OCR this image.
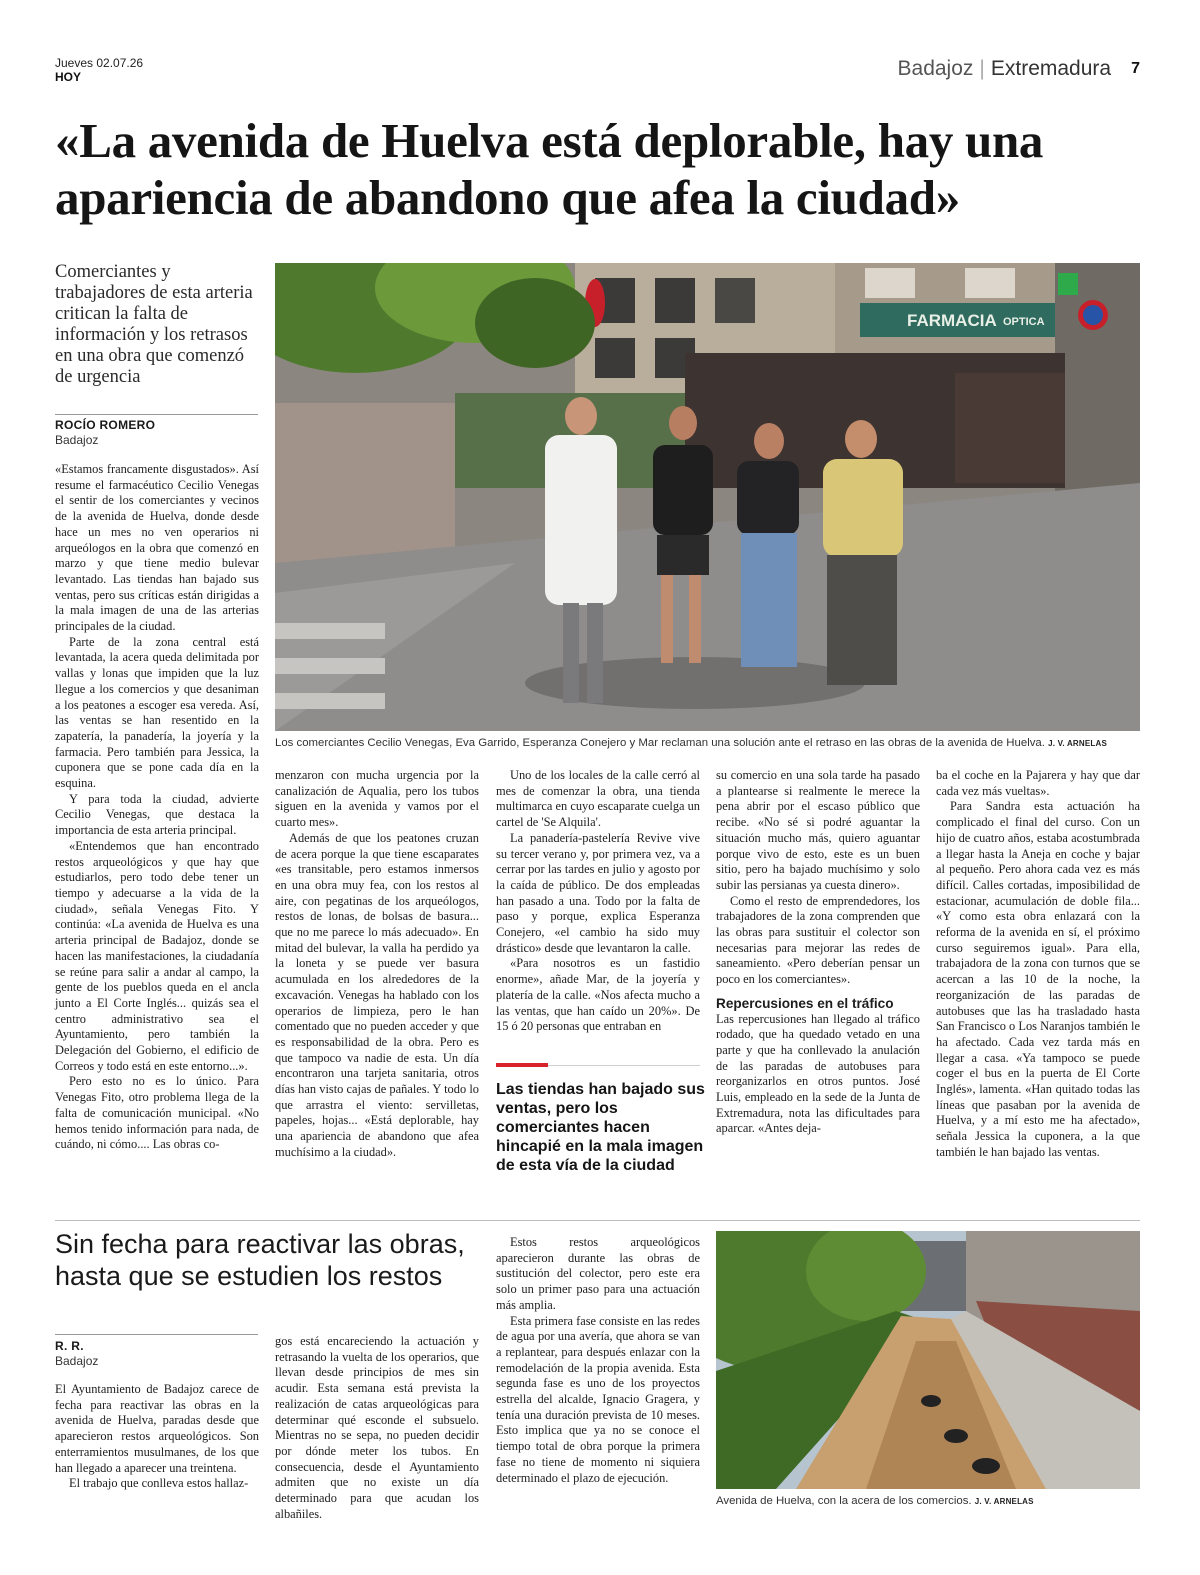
Jueves 02.07.26
HOY	Badajoz | Extremadura 7
«La avenida de Huelva está deplorable, hay una apariencia de abandono que afea la ciudad»
Comerciantes y trabajadores de esta arteria critican la falta de información y los retrasos en una obra que comenzó de urgencia
ROCÍO ROMERO
Badajoz

«Estamos francamente disgustados». Así resume el farmacéutico Cecilio Venegas el sentir de los comerciantes y vecinos de la avenida de Huelva, donde desde hace un mes no ven operarios ni arqueólogos en la obra que comenzó en marzo y que tiene medio bulevar levantado. Las tiendas han bajado sus ventas, pero sus críticas están dirigidas a la mala imagen de una de las arterias principales de la ciudad.

Parte de la zona central está levantada, la acera queda delimitada por vallas y lonas que impiden que la luz llegue a los comercios y que desaniman a los peatones a escoger esa vereda. Así, las ventas se han resentido en la zapatería, la panadería, la joyería y la farmacia. Pero también para Jessica, la cuponera que se pone cada día en la esquina.

Y para toda la ciudad, advierte Cecilio Venegas, que destaca la importancia de esta arteria principal.

«Entendemos que han encontrado restos arqueológicos y que hay que estudiarlos, pero todo debe tener un tiempo y adecuarse a la vida de la ciudad», señala Venegas Fito. Y continúa: «La avenida de Huelva es una arteria principal de Badajoz, donde se hacen las manifestaciones, la ciudadanía se reúne para salir a andar al campo, la gente de los pueblos queda en el ancla junto a El Corte Inglés... quizás sea el centro administrativo sea el Ayuntamiento, pero también la Delegación del Gobierno, el edificio de Correos y todo está en este entorno...».

Pero esto no es lo único. Para Venegas Fito, otro problema llega de la falta de comunicación municipal. «No hemos tenido información para nada, de cuándo, ni cómo.... Las obras co-

menzaron con mucha urgencia por la canalización de Aqualia, pero los tubos siguen en la avenida y vamos por el cuarto mes».

Además de que los peatones cruzan de acera porque la que tiene escaparates «es transitable, pero estamos inmersos en una obra muy fea, con los restos al aire, con pegatinas de los arqueólogos, restos de lonas, de bolsas de basura... que no me parece lo más adecuado». En mitad del bulevar, la valla ha perdido ya la loneta y se puede ver basura acumulada en los alrededores de la excavación. Venegas ha hablado con los operarios de limpieza, pero le han comentado que no pueden acceder y que es responsabilidad de la obra. Pero es que tampoco va nadie de esta. Un día encontraron una tarjeta sanitaria, otros días han visto cajas de pañales. Y todo lo que arrastra el viento: servilletas, papeles, hojas... «Está deplorable, hay una apariencia de abandono que afea muchísimo a la ciudad».

Uno de los locales de la calle cerró al mes de comenzar la obra, una tienda multimarca en cuyo escaparate cuelga un cartel de 'Se Alquila'.

La panadería-pastelería Revive vive su tercer verano y, por primera vez, va a cerrar por las tardes en julio y agosto por la caída de público. De dos empleadas han pasado a una. Todo por la falta de paso y porque, explica Esperanza Conejero, «el cambio ha sido muy drástico» desde que levantaron la calle.

«Para nosotros es un fastidio enorme», añade Mar, de la joyería y platería de la calle. «Nos afecta mucho a las ventas, que han caído un 20%». De 15 ó 20 personas que entraban en

su comercio en una sola tarde ha pasado a plantearse si realmente le merece la pena abrir por el escaso público que recibe. «No sé si podré aguantar la situación mucho más, quiero aguantar porque vivo de esto, este es un buen sitio, pero ha bajado muchísimo y solo subir las persianas ya cuesta dinero».

Como el resto de emprendedores, los trabajadores de la zona comprenden que las obras para sustituir el colector son necesarias para mejorar las redes de saneamiento. «Pero deberían pensar un poco en los comerciantes».

Repercusiones en el tráfico

Las repercusiones han llegado al tráfico rodado, que ha quedado vetado en una parte y que ha conllevado la anulación de las paradas de autobuses para reorganizarlos en otros puntos. José Luis, empleado en la sede de la Junta de Extremadura, nota las dificultades para aparcar. «Antes deja-

ba el coche en la Pajarera y hay que dar cada vez más vueltas».

Para Sandra esta actuación ha complicado el final del curso. Con un hijo de cuatro años, estaba acostumbrada a llegar hasta la Aneja en coche y bajar al pequeño. Pero ahora cada vez es más difícil. Calles cortadas, imposibilidad de estacionar, acumulación de doble fila... «Y como esta obra enlazará con la reforma de la avenida en sí, el próximo curso seguiremos igual». Para ella, trabajadora de la zona con turnos que se acercan a las 10 de la noche, la reorganización de las paradas de autobuses que las ha trasladado hasta San Francisco o Los Naranjos también le ha afectado. Cada vez tarda más en llegar a casa. «Ya tampoco se puede coger el bus en la puerta de El Corte Inglés», lamenta. «Han quitado todas las líneas que pasaban por la avenida de Huelva, y a mí esto me ha afectado», señala Jessica la cuponera, a la que también le han bajado las ventas.

Las tiendas han bajado sus ventas, pero los comerciantes hacen hincapié en la mala imagen de esta vía de la ciudad
FARMACIA OPTICA
Los comerciantes Cecilio Venegas, Eva Garrido, Esperanza Conejero y Mar reclaman una solución ante el retraso en las obras de la avenida de Huelva. J. V. ARNELAS
Sin fecha para reactivar las obras, hasta que se estudien los restos
R. R.
Badajoz

El Ayuntamiento de Badajoz carece de fecha para reactivar las obras en la avenida de Huelva, paradas desde que aparecieron restos arqueológicos. Son enterramientos musulmanes, de los que han llegado a aparecer una treintena.

El trabajo que conlleva estos hallaz-

gos está encareciendo la actuación y retrasando la vuelta de los operarios, que llevan desde principios de mes sin acudir. Esta semana está prevista la realización de catas arqueológicas para determinar qué esconde el subsuelo. Mientras no se sepa, no pueden decidir por dónde meter los tubos. En consecuencia, desde el Ayuntamiento admiten que no existe un día determinado para que acudan los albañiles.

Estos restos arqueológicos aparecieron durante las obras de sustitución del colector, pero este era solo un primer paso para una actuación más amplia.

Esta primera fase consiste en las redes de agua por una avería, que ahora se van a replantear, para después enlazar con la remodelación de la propia avenida. Esta segunda fase es uno de los proyectos estrella del alcalde, Ignacio Gragera, y tenía una duración prevista de 10 meses. Esto implica que ya no se conoce el tiempo total de obra porque la primera fase no tiene de momento ni siquiera determinado el plazo de ejecución.

Avenida de Huelva, con la acera de los comercios. J. V. ARNELAS
